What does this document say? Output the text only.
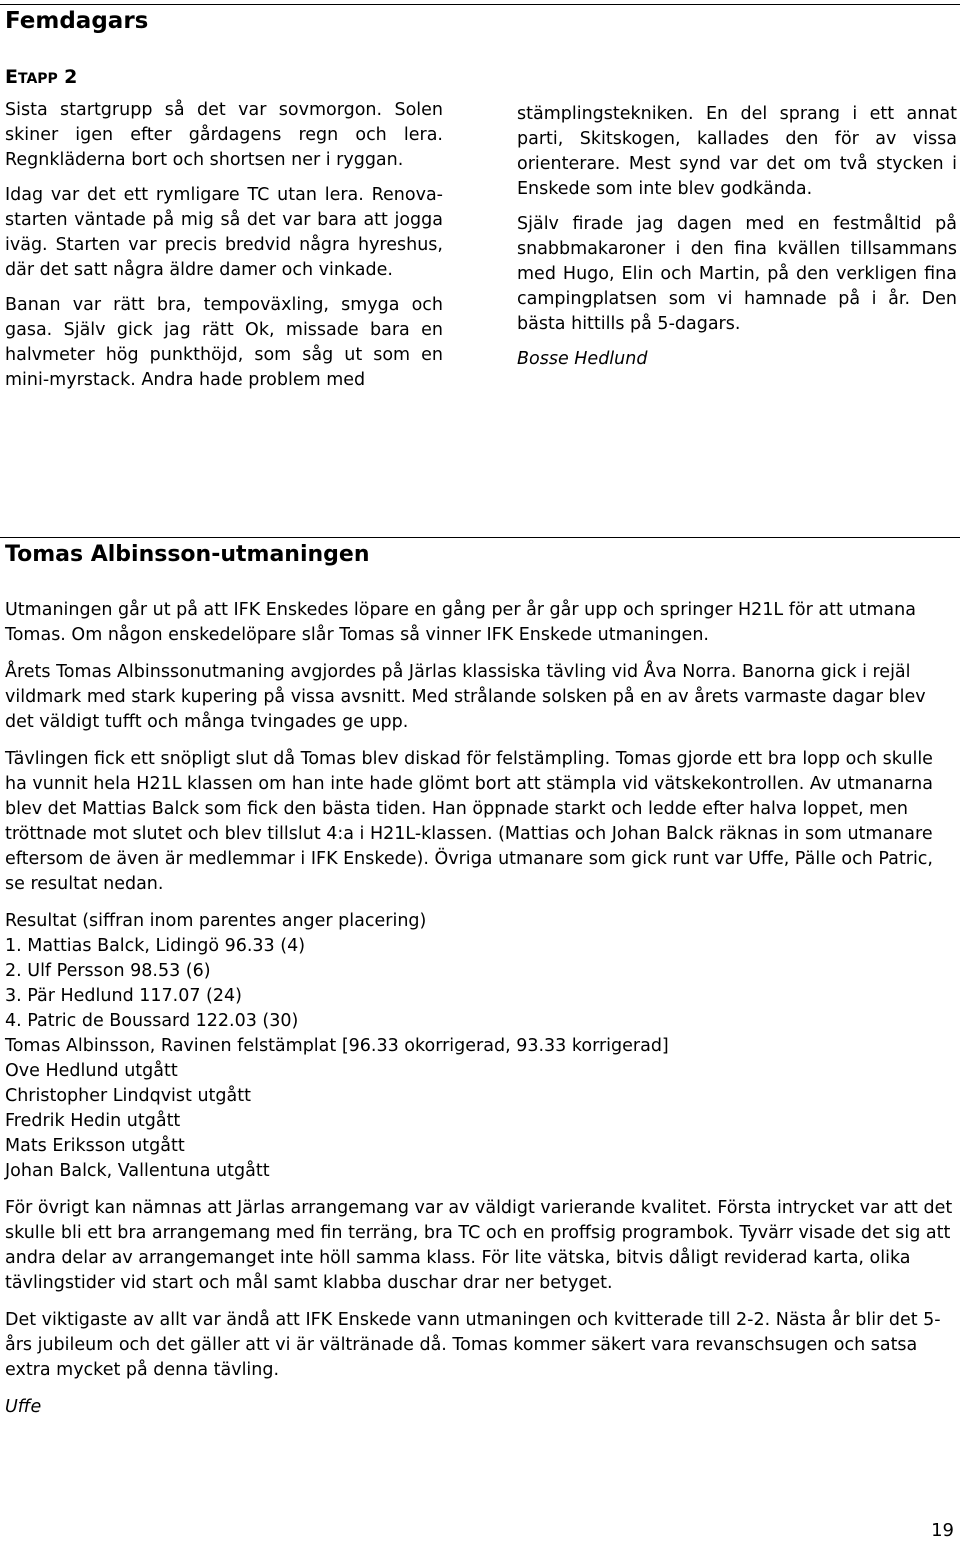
Femdagars
ETAPP 2

Sista startgrupp så det var sovmorgon. Solen skiner igen efter gårdagens regn och lera. Regnkläderna bort och shortsen ner i ryggan.

Idag var det ett rymligare TC utan lera. Renova-starten väntade på mig så det var bara att jogga iväg. Starten var precis bredvid några hyreshus, där det satt några äldre damer och vinkade.

Banan var rätt bra, tempoväxling, smyga och gasa. Själv gick jag rätt Ok, missade bara en halvmeter hög punkthöjd, som såg ut som en mini-myrstack. Andra hade problem med

stämplingstekniken. En del sprang i ett annat parti, Skitskogen, kallades den för av vissa orienterare. Mest synd var det om två stycken i Enskede som inte blev godkända.

Själv firade jag dagen med en festmåltid på snabbmakaroner i den fina kvällen tillsammans med Hugo, Elin och Martin, på den verkligen fina campingplatsen som vi hamnade på i år. Den bästa hittills på 5-dagars.

Bosse Hedlund

Tomas Albinsson-utmaningen

Utmaningen går ut på att IFK Enskedes löpare en gång per år går upp och springer H21L för att utmana Tomas. Om någon enskedelöpare slår Tomas så vinner IFK Enskede utmaningen.

Årets Tomas Albinssonutmaning avgjordes på Järlas klassiska tävling vid Åva Norra. Banorna gick i rejäl vildmark med stark kupering på vissa avsnitt. Med strålande solsken på en av årets varmaste dagar blev det väldigt tufft och många tvingades ge upp.

Tävlingen fick ett snöpligt slut då Tomas blev diskad för felstämpling. Tomas gjorde ett bra lopp och skulle ha vunnit hela H21L klassen om han inte hade glömt bort att stämpla vid vätskekontrollen. Av utmanarna blev det Mattias Balck som fick den bästa tiden. Han öppnade starkt och ledde efter halva loppet, men tröttnade mot slutet och blev tillslut 4:a i H21L-klassen. (Mattias och Johan Balck räknas in som utmanare eftersom de även är medlemmar i IFK Enskede). Övriga utmanare som gick runt var Uffe, Pälle och Patric, se resultat nedan.

Resultat (siffran inom parentes anger placering)
1. Mattias Balck, Lidingö 96.33 (4)
2. Ulf Persson 98.53 (6)
3. Pär Hedlund 117.07 (24)
4. Patric de Boussard 122.03 (30)
Tomas Albinsson, Ravinen felstämplat [96.33 okorrigerad, 93.33 korrigerad]
Ove Hedlund utgått
Christopher Lindqvist utgått
Fredrik Hedin utgått
Mats Eriksson utgått
Johan Balck, Vallentuna utgått

För övrigt kan nämnas att Järlas arrangemang var av väldigt varierande kvalitet. Första intrycket var att det skulle bli ett bra arrangemang med fin terräng, bra TC och en proffsig programbok. Tyvärr visade det sig att andra delar av arrangemanget inte höll samma klass. För lite vätska, bitvis dåligt reviderad karta, olika tävlingstider vid start och mål samt klabba duschar drar ner betyget.

Det viktigaste av allt var ändå att IFK Enskede vann utmaningen och kvitterade till 2-2. Nästa år blir det 5-års jubileum och det gäller att vi är vältränade då. Tomas kommer säkert vara revanschsugen och satsa extra mycket på denna tävling.

Uffe

19
